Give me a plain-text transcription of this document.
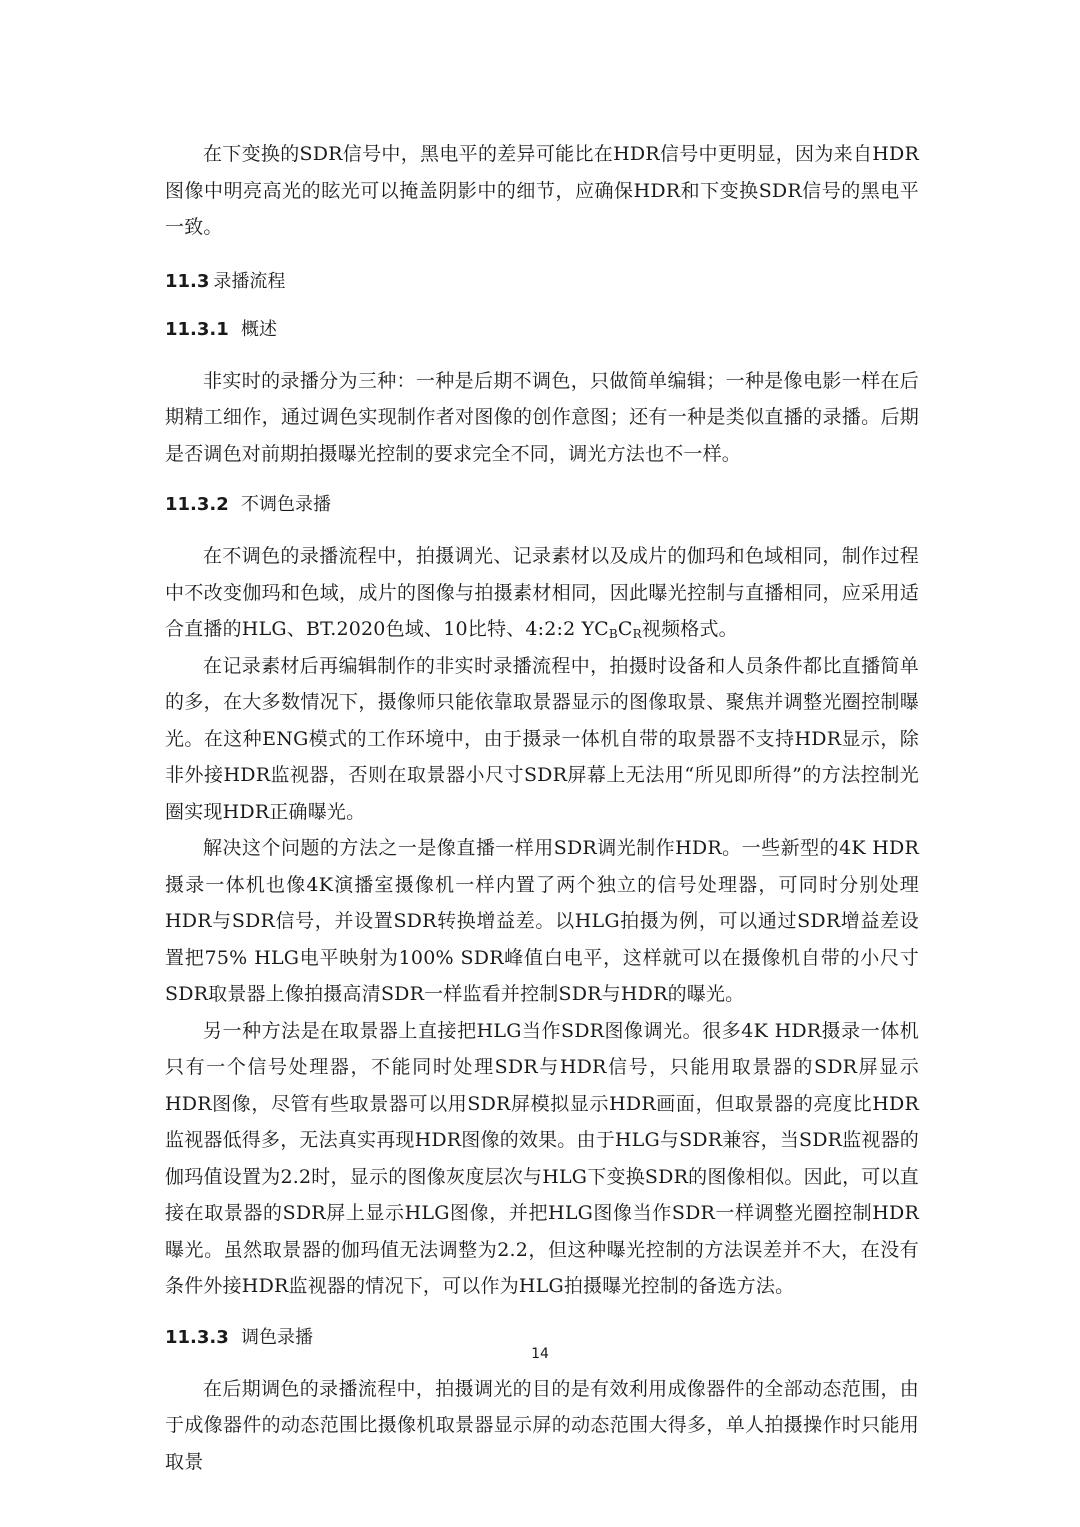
在下变换的SDR信号中，黑电平的差异可能比在HDR信号中更明显，因为来自HDR图像中明亮高光的眩光可以掩盖阴影中的细节，应确保HDR和下变换SDR信号的黑电平一致。

11.3 录播流程
11.3.1 概述

非实时的录播分为三种：一种是后期不调色，只做简单编辑；一种是像电影一样在后期精工细作，通过调色实现制作者对图像的创作意图；还有一种是类似直播的录播。后期是否调色对前期拍摄曝光控制的要求完全不同，调光方法也不一样。

11.3.2 不调色录播

在不调色的录播流程中，拍摄调光、记录素材以及成片的伽玛和色域相同，制作过程中不改变伽玛和色域，成片的图像与拍摄素材相同，因此曝光控制与直播相同，应采用适合直播的HLG、BT.2020色域、10比特、4:2:2 $YC_BC_R$视频格式。

在记录素材后再编辑制作的非实时录播流程中，拍摄时设备和人员条件都比直播简单的多，在大多数情况下，摄像师只能依靠取景器显示的图像取景、聚焦并调整光圈控制曝光。在这种ENG模式的工作环境中，由于摄录一体机自带的取景器不支持HDR显示，除非外接HDR监视器，否则在取景器小尺寸SDR屏幕上无法用“所见即所得”的方法控制光圈实现HDR正确曝光。

解决这个问题的方法之一是像直播一样用SDR调光制作HDR。一些新型的4K HDR摄录一体机也像4K演播室摄像机一样内置了两个独立的信号处理器，可同时分别处理HDR与SDR信号，并设置SDR转换增益差。以HLG拍摄为例，可以通过SDR增益差设置把75% HLG电平映射为100% SDR峰值白电平，这样就可以在摄像机自带的小尺寸SDR取景器上像拍摄高清SDR一样监看并控制SDR与HDR的曝光。

另一种方法是在取景器上直接把HLG当作SDR图像调光。很多4K HDR摄录一体机只有一个信号处理器，不能同时处理SDR与HDR信号，只能用取景器的SDR屏显示HDR图像，尽管有些取景器可以用SDR屏模拟显示HDR画面，但取景器的亮度比HDR监视器低得多，无法真实再现HDR图像的效果。由于HLG与SDR兼容，当SDR监视器的伽玛值设置为2.2时，显示的图像灰度层次与HLG下变换SDR的图像相似。因此，可以直接在取景器的SDR屏上显示HLG图像，并把HLG图像当作SDR一样调整光圈控制HDR曝光。虽然取景器的伽玛值无法调整为2.2，但这种曝光控制的方法误差并不大，在没有条件外接HDR监视器的情况下，可以作为HLG拍摄曝光控制的备选方法。

11.3.3 调色录播

在后期调色的录播流程中，拍摄调光的目的是有效利用成像器件的全部动态范围，由于成像器件的动态范围比摄像机取景器显示屏的动态范围大得多，单人拍摄操作时只能用取景

14
